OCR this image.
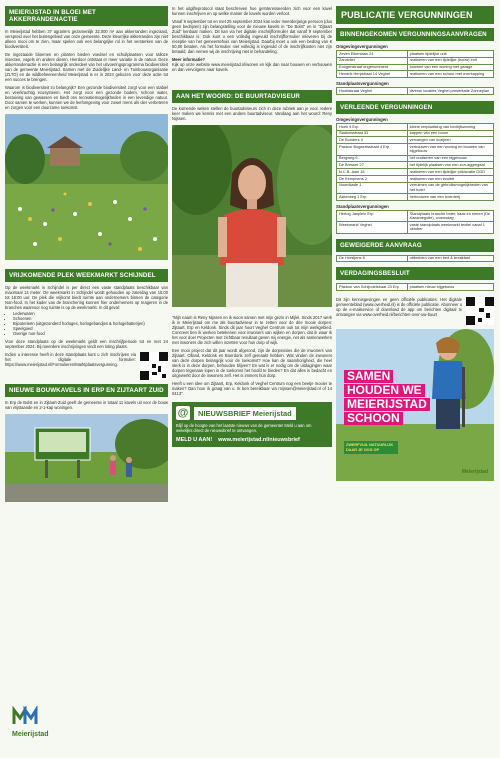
MEIERIJSTAD IN BLOEI MET AKKERRANDENACTIE
In Meierijstad hebben 37 agrariërs gezamenlijk 32.000 m² aan akkerranden ingezaaid, verspreid over het buitengebied van onze gemeente. Deze kleurrijke akkerranden zijn niet alleen mooi om te zien, maar spelen ook een belangrijke rol in het versterken van de biodiversiteit.
De ingezaaide bloemen en planten bieden voedsel en schuilplaatsen voor talloze insecten, vogels en andere dieren. Hierdoor ontstaat er meer variatie in de natuur. Deze akkerrandenactie is een belangrijk onderdeel van het uitvoeringsprogramma biodiversiteit van de gemeente Meierijstad. Samen met de Zuidelijke Land- en Tuinbouworganisatie (ZLTO) en de wildbeheereenheid Meierijstad is er in 2024 gekozen voor deze actie tot een succes te brengen.
Waarom is biodiversiteit zo belangrijk? Een gezonde biodiversiteit zorgt voor een stabiel en veerkrachtig ecosysteem. Het zorgt voor een gezonde bodem, schoon water, bestuiving van gewassen en biedt ons recreatiemogelijkheden in een levendige natuur. Door samen te werken, kunnen we de leefomgeving voor zowel mens als dier verbeteren en zorgen voor een duurzame toekomst.
VRIJKOMENDE PLEK WEEKMARKT SCHIJNDEL
Op de weekmarkt in Schijndel is per direct een vaste standplaats beschikbaar van maximaal 14 meter. De weekmarkt in Schijndel wordt gehouden op zaterdag van 10.00 tot 16:00 uur. De plek die vrijkomt biedt ruimte aan ondernemers binnen de categorie Non-food. In het kader van de branchering kunnen hier ondernemers op reageren in de branches waarvoor nog ruimte is op de weekmarkt. In dit geval:
• Lederwaren
• Schoenen
• Bijouterieën (uitgezonderd horloges, horlogebandjes & horlogebatterijen)
• Speelgoed
• Overige non-food
Voor deze standplaats op de weekmarkt geldt een inschrijfperiode tot en met 24 september 2024. Bij meerdere inschrijvingen vindt een loting plaats.
Indien u interesse heeft in deze standplaats kunt u zich inschrijven via het digitale formulier: https://www.meierijstad.nl/Formulieren/Marktplaatsvergunning.
NIEUWE BOUWKAVELS IN ERP EN ZIJTAART ZUID
In Erp de Bolst en in Zijtaart-Zuid geeft de gemeente in totaal 11 kavels uit voor de bouw van vrijstaande en 2-1-kap woningen.
In het uitgifteprotocol staat beschreven hoe geïnteresseerden zich voor een kavel kunnen inschrijven en op welke manier de kavels worden verloot.
Vanaf 9 september tot en met 25 september 2024 kan ieder meerderjarige persoon (dus geen bedrijven) zijn belangstelling voor de nieuwe kavels in "De Bolst" en in "Zijtaart Zuid" kenbaar maken. Dit kan via het digitale inschrijfformulier dat vanaf 9 september beschikbaar is. Ook kunt u een volledig ingevuld inschrijfformulier inleveren bij de receptie van het gemeentehuis van Meierijstad. Daarbij moet u ook een bedrag van € 50,00 betalen. Als het formulier niet volledig is ingevuld of de inschrijfkosten niet zijn betaald, dan nemen wij de inschrijving niet in behandeling.
Meer informatie?
Kijk op onze website www.meierijstad.nl/wonen en kijk dan naar bouwen en verbouwen en dan vervolgens naar kavels.
AAN HET WOORD: DE BUURTADVISEUR
De komende weken stellen de buurtadviseurs zich in deze rubriek aan je voor. Iedere keer maken we kennis met een andere buurtadviseur. Vandaag aan het woord: Reny Nijssen.
"Mijn naam is Reny Nijssen en ik woon samen met mijn gezin in Mijlel. Sinds 2017 werk ik in Meierijstad om me als buurtadviseur in te zetten voor de drie mooie dorpen: Zijtaart, Erp en Keldonk. Sinds dit jaar hoort Veghel Centrum ook tot mijn werkgebied. Concreet ben ik werken betekenen voor inwoners van wijken en dorpen, dat ik waar ik het voor doe! Projecten met zichtbaar resultaat geven mij energie, net als samenwerken met inwoners die zich willen inzetten voor hun dorp of wijk.
Een mooi project dat dit jaar wordt afgerond, zijn de dorpsvisies die de inwoners van Zijtaart, Olland, Keldonk en Boerdonk zelf gemaakt hebben. Wat vinden de inwoners van deze dorpen belangrijk voor de toekomst? Hoe kan de saamhorigheid, die heel sterk is in deze dorpen, behouden blijven? En wat is er nodig om de uitdagingen waar dorpen tegenaan lopen in de toekomst het hoofd te bieden? En dat alles is bedacht en uitgewerkt door de inwoners zelf. Het is immers hún dorp.
Heeft u een idee om Zijtaart, Erp, Keldonk of Veghel Centrum nog een beetje mooier te maken? Dan hoor ik graag van u. Ik ben bereikbaar via rnijssen@meierijstad.nl of 14 0413".
@	NIEUWSBRIEF Meierijstad
Blijf op de hoogte van het laatste nieuws van de gemeente! Meld u aan om wekelijks direct de nieuwsbrief te ontvangen.
MELD U AAN! www.meierijstad.nl/nieuwsbrief
PUBLICATIE VERGUNNINGEN
BINNENGEKOMEN VERGUNNINGSAANVRAGEN
Omgevingsvergunningen
Zeven Eikenlaan 24	plaatsen tijdelijke unit
Zandvliet	realiseren van een tijdelijke (bouw) inrit
Kruigenstraat ongenummerd	bouwen van een woning met garage
Hendrik Herpstraat 14 Veghel	realiseren van een schuur met overkapping
Standplaatsvergunningen
Hoofdstraat Veghel	diverse locaties Veghel presentatie Zonneplan
VERLEENDE VERGUNNINGEN
Omgevingsvergunningen
Hoek 9 Erp	kleine verplaatsing van bedrijfswoning
Stationsstraat 33	kappen van een boom
De Bunders 4	vervangen van kozijnen
Pastoor Bogaertsstraat 4 Erp	verbouwen van een woning en bouwen van bijgebouw
Bergweg 6	het realiseren van een bijgebouw
De Bresser 27	het tijdelijk plaatsen van een zon-aggregaat
N.C.B.-laan 18	realiseren van een tijdelijke prikiocatie GGD
De Kemphens 2	realiseren van een in/uitrit
Noordkade 1	verruimen van de gebruiksmogelijkheden van het hotel
Akkerweg 1 Erp	herbouwen van een boerderij
Standplaatsvergunningen
Hertog Janplein Erp	Standplaats branche boter, kaas en eieren (De Kaasmegotie), woensdag
Weekmarkt Veghel	vaste standplaats weekmarkt textiel vanaf 1 oktober
GEWEIGERDE AANVRAAG
De Horstjens 6	uitbreiden van een bed & breakfast
VERDAGINGSBESLUIT
Pastoor van Schijndelstraat 23 Erp	plaatsen nieuw bijgebouw
Dit zijn kennisgevingen en geen officiële publicaties. Het digitale gemeenteblad (www.overheid.nl) is de officiële publicatie. Abonneer u op de e-mailservice of download de app om berichten digitaal te ontvangen via www.overheid.nl/berichten-over-uw-buurt
SAMEN
HOUDEN WE
MEIERIJSTAD
SCHOON
ZWERFVUIL NATUURLIJK DAAR JE OOG OP
Meierijstad
Meierijstad
